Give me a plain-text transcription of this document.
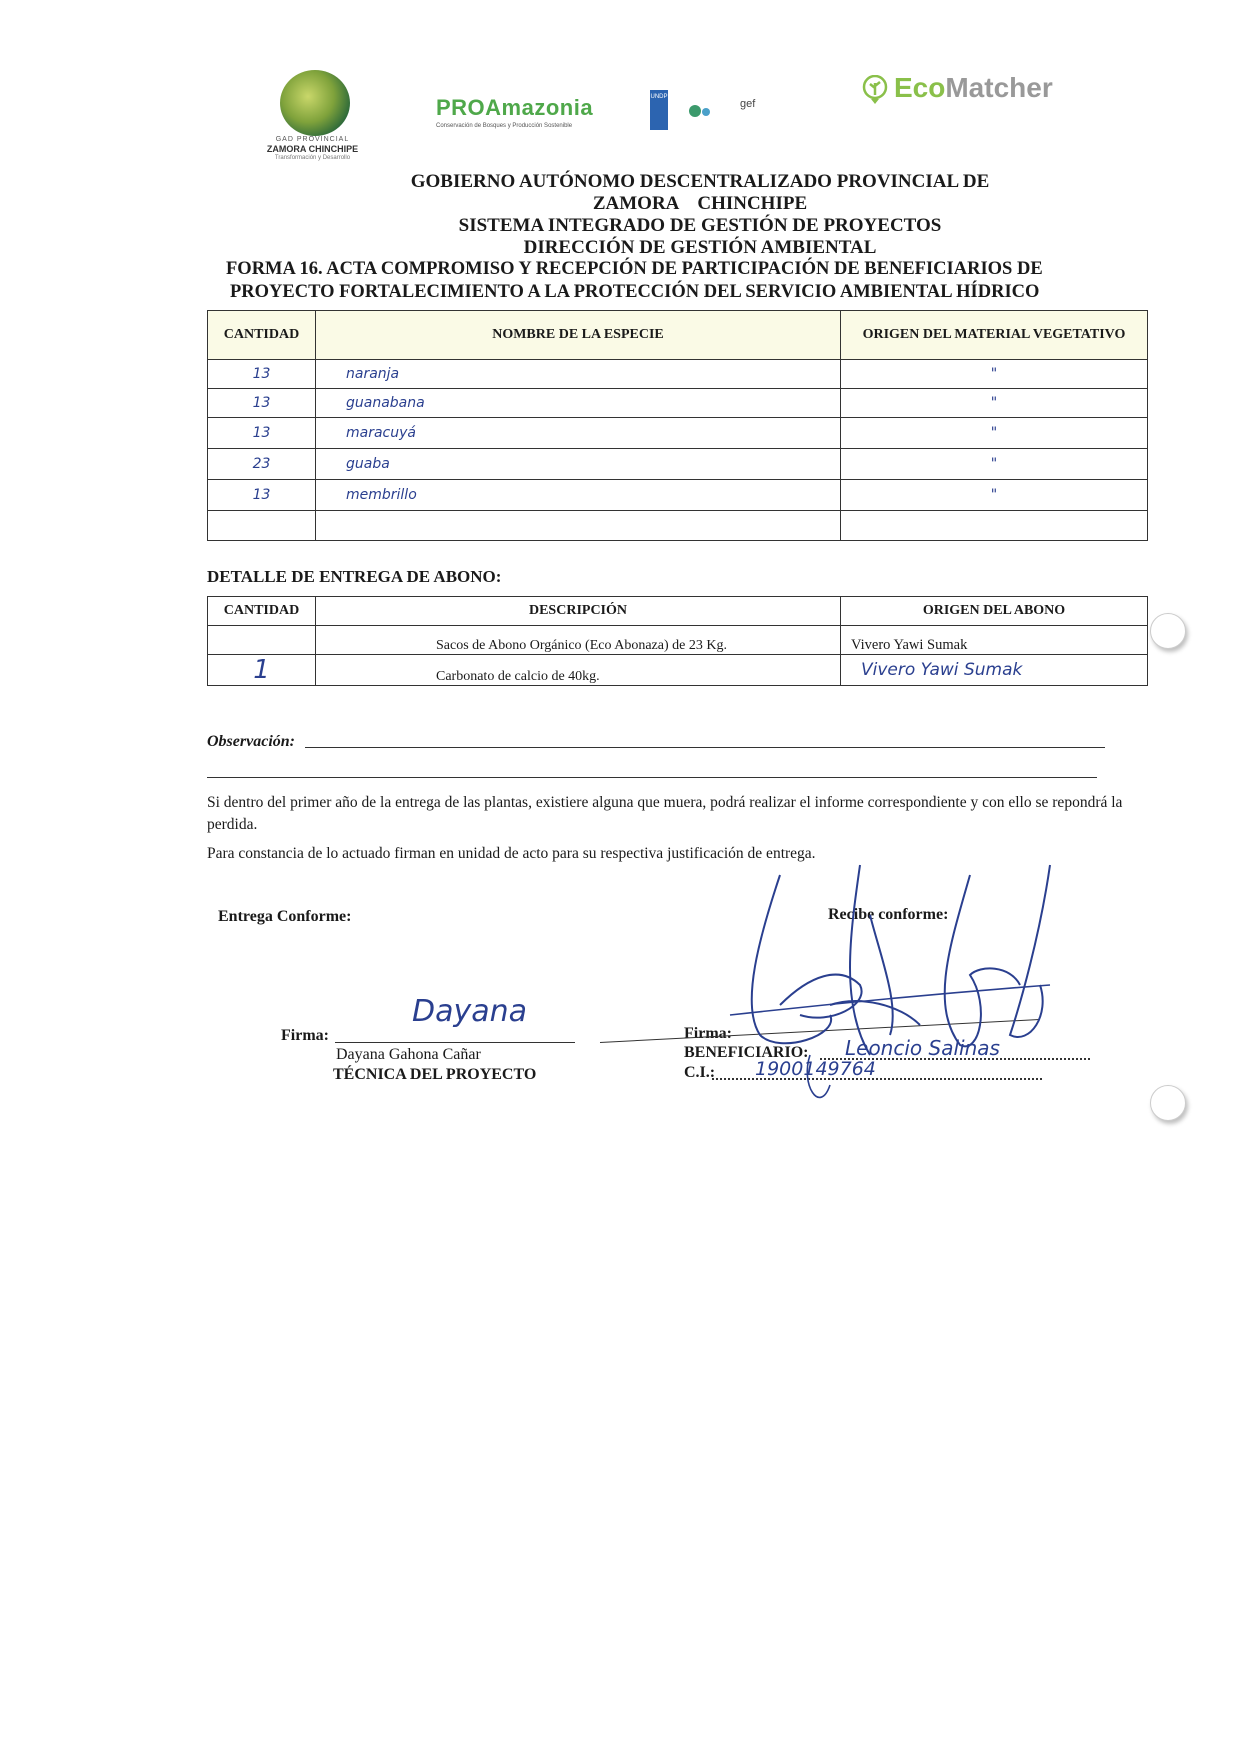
GAD PROVINCIAL
ZAMORA CHINCHIPE
Transformación y Desarrollo
PROAmazonia
Conservación de Bosques y Producción Sostenible
UNDP
gef
EcoMatcher
GOBIERNO AUTÓNOMO DESCENTRALIZADO PROVINCIAL DE
ZAMORA    CHINCHIPE
SISTEMA INTEGRADO DE GESTIÓN DE PROYECTOS
DIRECCIÓN DE GESTIÓN AMBIENTAL
FORMA 16. ACTA COMPROMISO Y RECEPCIÓN DE PARTICIPACIÓN DE BENEFICIARIOS DE
PROYECTO FORTALECIMIENTO A LA PROTECCIÓN DEL SERVICIO AMBIENTAL HÍDRICO
CANTIDAD	NOMBRE DE LA ESPECIE	ORIGEN DEL MATERIAL VEGETATIVO
13	naranja	"
13	guanabana	"
13	maracuyá	"
23	guaba	"
13	membrillo	"

DETALLE DE ENTREGA DE ABONO:
CANTIDAD	DESCRIPCIÓN	ORIGEN DEL ABONO
	Sacos de Abono Orgánico (Eco Abonaza) de 23 Kg.	Vivero Yawi Sumak
1	Carbonato de calcio de 40kg.	Vivero Yawi Sumak
Observación:
Si dentro del primer año de la entrega de las plantas, existiere alguna que muera, podrá realizar el informe correspondiente y con ello se repondrá la perdida.
Para constancia de lo actuado firman en unidad de acto para su respectiva justificación de entrega.
Entrega Conforme:	Recibe conforme:
Firma:
Dayana
Dayana Gahona Cañar
TÉCNICA DEL PROYECTO
Firma:
BENEFICIARIO: Leoncio Salinas
C.I.: 1900149764
